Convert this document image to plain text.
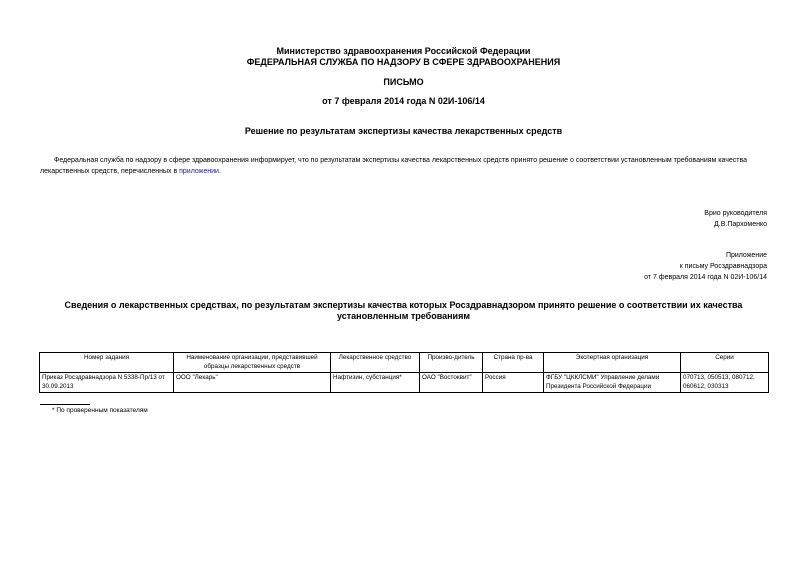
Министерство здравоохранения Российской Федерации
ФЕДЕРАЛЬНАЯ СЛУЖБА ПО НАДЗОРУ В СФЕРЕ ЗДРАВООХРАНЕНИЯ
ПИСЬМО
от 7 февраля 2014 года N 02И-106/14
Решение по результатам экспертизы качества лекарственных средств
Федеральная служба по надзору в сфере здравоохранения информирует, что по результатам экспертизы качества лекарственных средств принято решение о соответствии установленным требованиям качества лекарственных средств, перечисленных в приложении.
Врио руководителя
Д.В.Пархоменко
Приложение
к письму Росздравнадзора
от 7 февраля 2014 года N 02И-106/14
Сведения о лекарственных средствах, по результатам экспертизы качества которых Росздравнадзором принято решение о соответствии их качества установленным требованиям
Номер задания	Наименование организации, представившей образцы лекарственных средств	Лекарственное средство	Произво-дитель	Страна пр-ва	Экспертная организация	Серии
Приказ Росздравнадзора N 5338-Пр/13 от 30.09.2013	ООО "Лекарь"	Нафтизин, субстанция*	ОАО "Востоквит"	Россия	ФГБУ "ЦККЛСМИ" Управление делами Президента Российской Федерации	070713, 050513, 080712, 060612, 030313
* По проверенным показателям
